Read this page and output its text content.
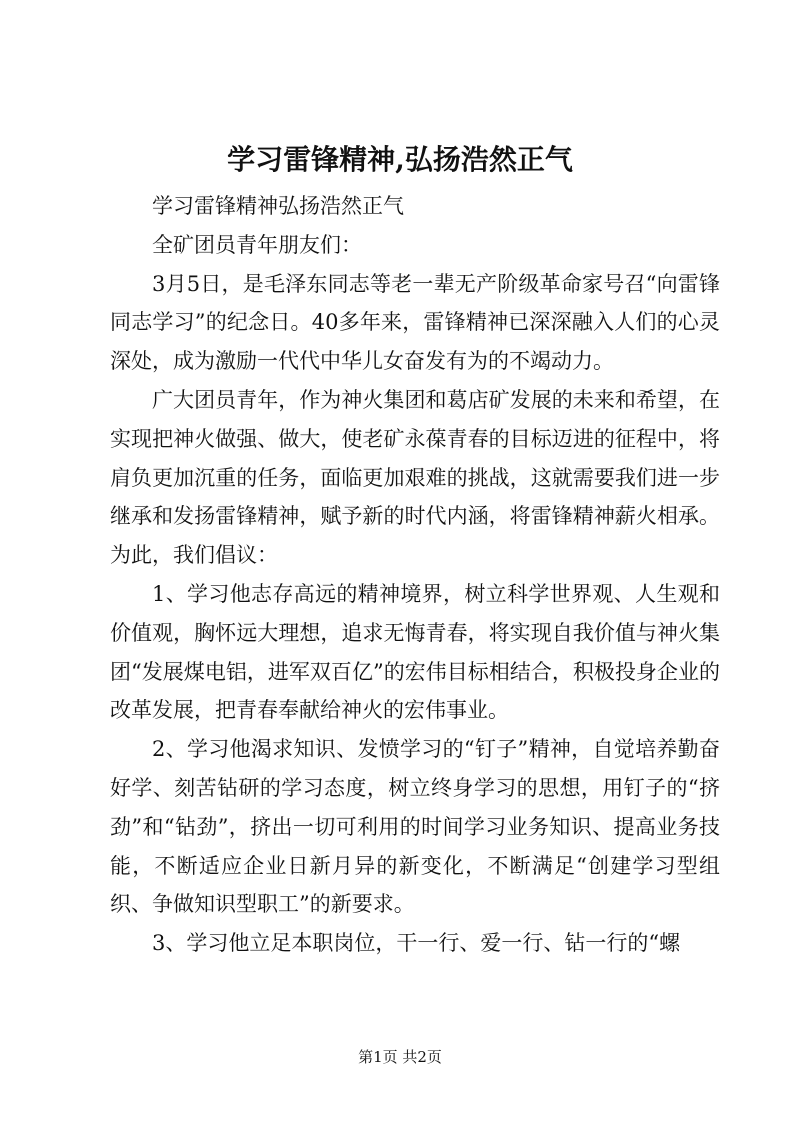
学习雷锋精神,弘扬浩然正气

学习雷锋精神弘扬浩然正气

全矿团员青年朋友们：

3月5日，是毛泽东同志等老一辈无产阶级革命家号召“向雷锋同志学习”的纪念日。40多年来，雷锋精神已深深融入人们的心灵深处，成为激励一代代中华儿女奋发有为的不竭动力。

广大团员青年，作为神火集团和葛店矿发展的未来和希望，在实现把神火做强、做大，使老矿永葆青春的目标迈进的征程中，将肩负更加沉重的任务，面临更加艰难的挑战，这就需要我们进一步继承和发扬雷锋精神，赋予新的时代内涵，将雷锋精神薪火相承。为此，我们倡议：

1、学习他志存高远的精神境界，树立科学世界观、人生观和价值观，胸怀远大理想，追求无悔青春，将实现自我价值与神火集团“发展煤电铝，进军双百亿”的宏伟目标相结合，积极投身企业的改革发展，把青春奉献给神火的宏伟事业。

2、学习他渴求知识、发愤学习的“钉子”精神，自觉培养勤奋好学、刻苦钻研的学习态度，树立终身学习的思想，用钉子的“挤劲”和“钻劲”，挤出一切可利用的时间学习业务知识、提高业务技能，不断适应企业日新月异的新变化，不断满足“创建学习型组织、争做知识型职工”的新要求。

3、学习他立足本职岗位，干一行、爱一行、钻一行的“螺

第1页 共2页
